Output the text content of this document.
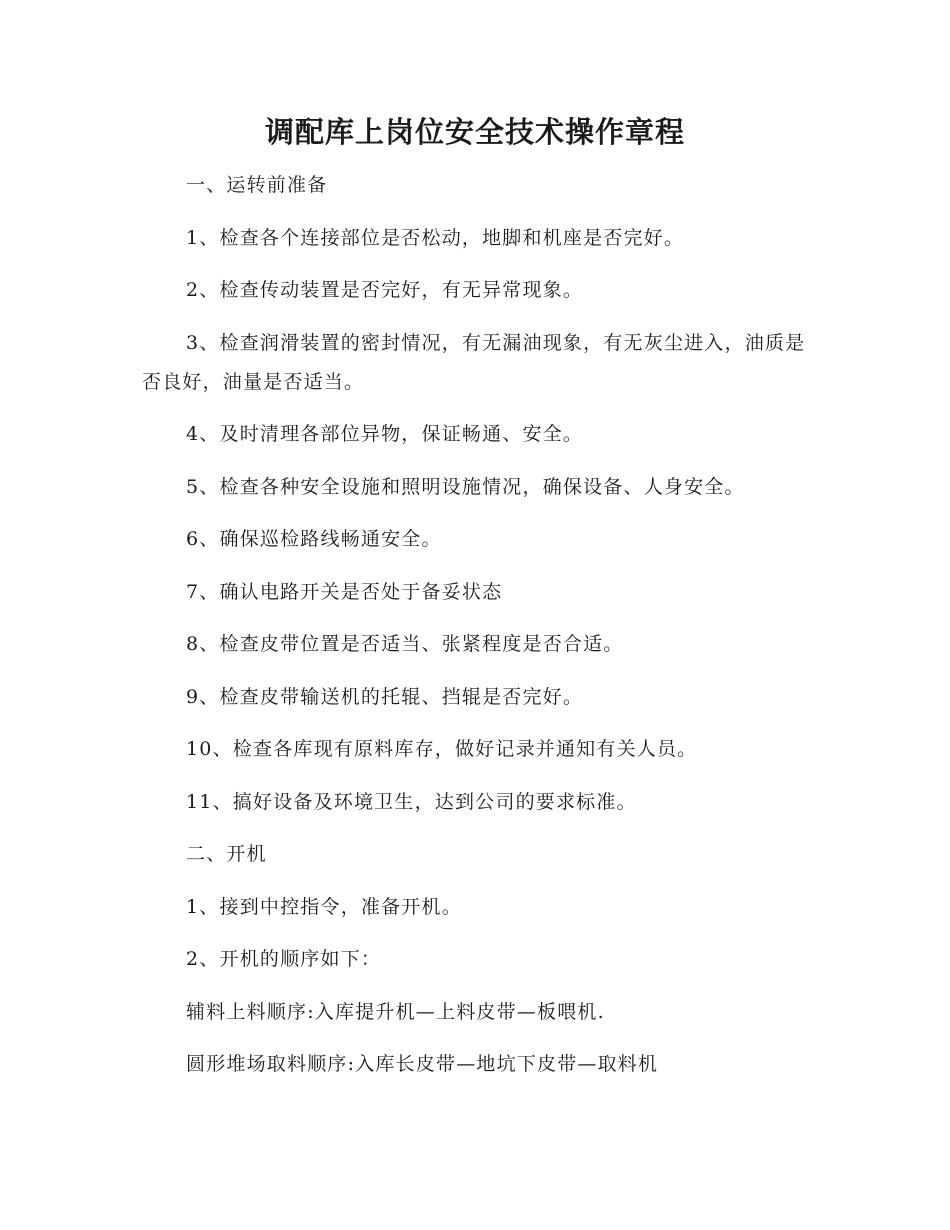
调配库上岗位安全技术操作章程

一、运转前准备

1、检查各个连接部位是否松动，地脚和机座是否完好。

2、检查传动装置是否完好，有无异常现象。

3、检查润滑装置的密封情况，有无漏油现象，有无灰尘进入，油质是否良好，油量是否适当。

4、及时清理各部位异物，保证畅通、安全。

5、检查各种安全设施和照明设施情况，确保设备、人身安全。

6、确保巡检路线畅通安全。

7、确认电路开关是否处于备妥状态

8、检查皮带位置是否适当、张紧程度是否合适。

9、检查皮带输送机的托辊、挡辊是否完好。

10、检查各库现有原料库存，做好记录并通知有关人员。

11、搞好设备及环境卫生，达到公司的要求标准。

二、开机

1、接到中控指令，准备开机。

2、开机的顺序如下：

辅料上料顺序:入库提升机—上料皮带—板喂机.

圆形堆场取料顺序:入库长皮带—地坑下皮带—取料机
